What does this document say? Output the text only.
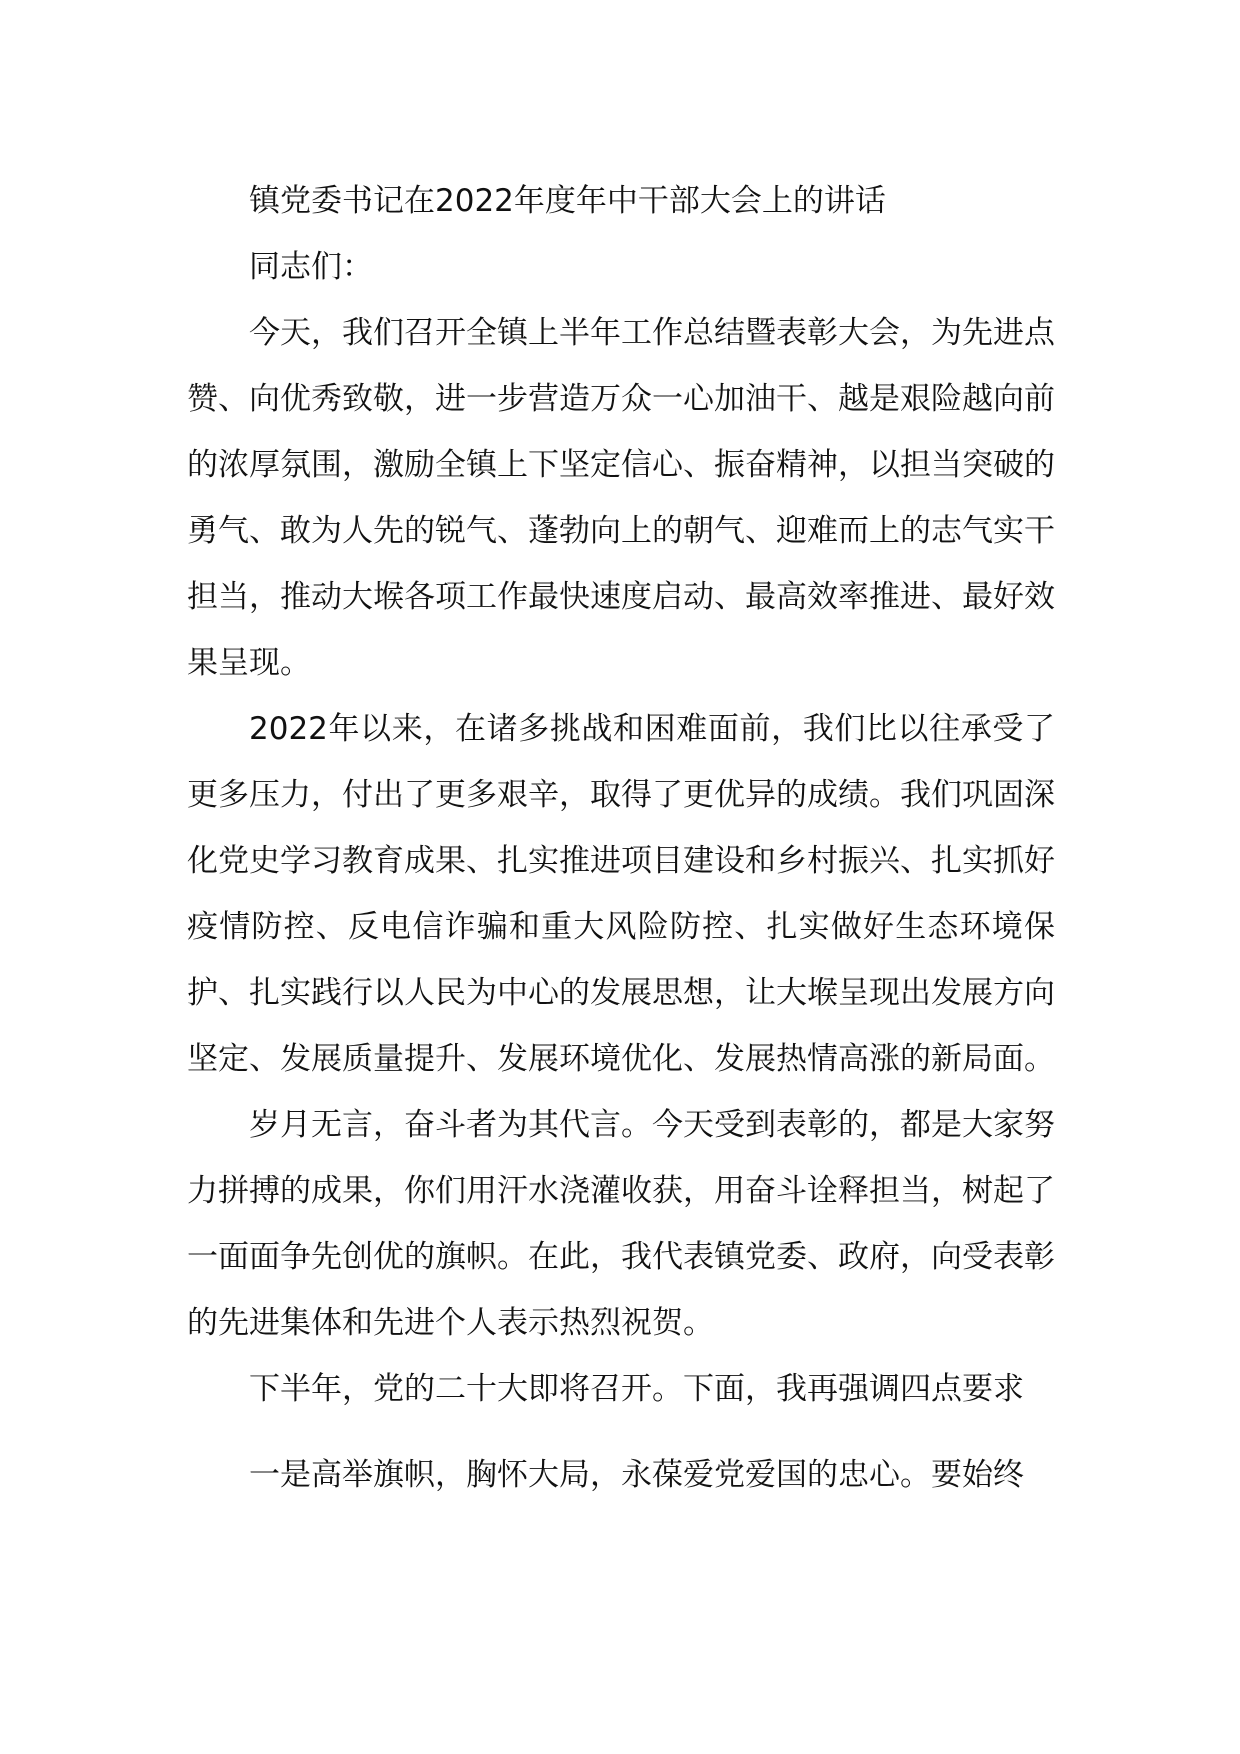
镇党委书记在2022年度年中干部大会上的讲话

同志们：

今天，我们召开全镇上半年工作总结暨表彰大会，为先进点赞、向优秀致敬，进一步营造万众一心加油干、越是艰险越向前的浓厚氛围，激励全镇上下坚定信心、振奋精神，以担当突破的勇气、敢为人先的锐气、蓬勃向上的朝气、迎难而上的志气实干担当，推动大堠各项工作最快速度启动、最高效率推进、最好效果呈现。

2022年以来，在诸多挑战和困难面前，我们比以往承受了更多压力，付出了更多艰辛，取得了更优异的成绩。我们巩固深化党史学习教育成果、扎实推进项目建设和乡村振兴、扎实抓好疫情防控、反电信诈骗和重大风险防控、扎实做好生态环境保护、扎实践行以人民为中心的发展思想，让大堠呈现出发展方向坚定、发展质量提升、发展环境优化、发展热情高涨的新局面。

岁月无言，奋斗者为其代言。今天受到表彰的，都是大家努力拼搏的成果，你们用汗水浇灌收获，用奋斗诠释担当，树起了一面面争先创优的旗帜。在此，我代表镇党委、政府，向受表彰的先进集体和先进个人表示热烈祝贺。

下半年，党的二十大即将召开。下面，我再强调四点要求

一是高举旗帜，胸怀大局，永葆爱党爱国的忠心。要始终
